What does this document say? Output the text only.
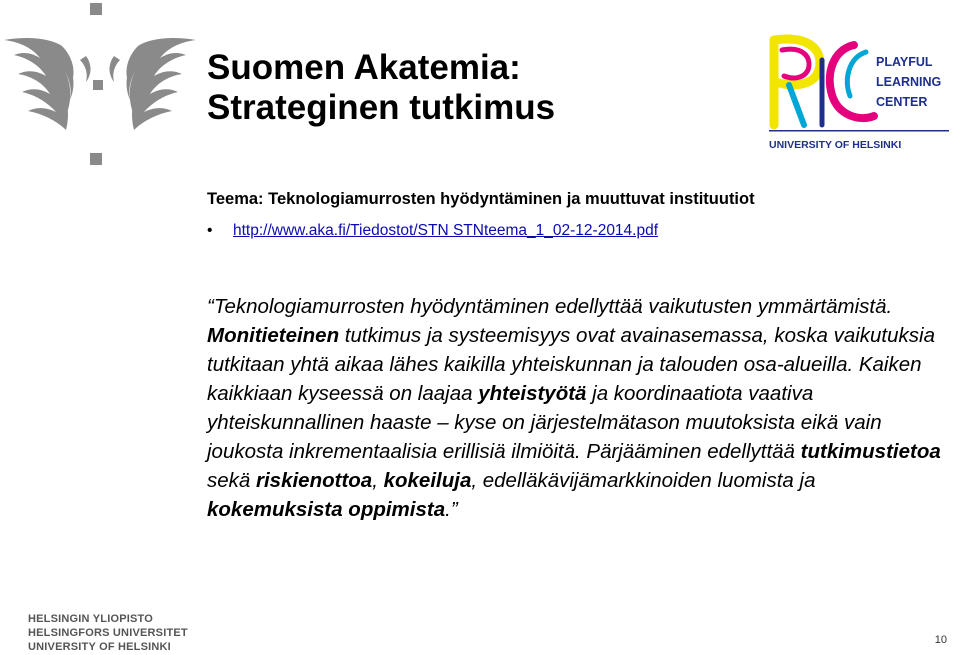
Suomen Akatemia:
Strateginen tutkimus
PLAYFUL
LEARNING
CENTER
UNIVERSITY OF HELSINKI
Teema: Teknologiamurrosten hyödyntäminen ja muuttuvat instituutiot
• http://www.aka.fi/Tiedostot/STN STNteema_1_02-12-2014.pdf
“Teknologiamurrosten hyödyntäminen edellyttää vaikutusten ymmärtämistä. Monitieteinen tutkimus ja systeemisyys ovat avainasemassa, koska vaikutuksia tutkitaan yhtä aikaa lähes kaikilla yhteiskunnan ja talouden osa-alueilla. Kaiken kaikkiaan kyseessä on laajaa yhteistyötä ja koordinaatiota vaativa yhteiskunnallinen haaste – kyse on järjestelmätason muutoksista eikä vain joukosta inkrementaalisia erillisiä ilmiöitä. Pärjääminen edellyttää tutkimustietoa sekä riskienottoa, kokeiluja, edelläkävijämarkkinoiden luomista ja kokemuksista oppimista.”
HELSINGIN YLIOPISTO
HELSINGFORS UNIVERSITET
UNIVERSITY OF HELSINKI
10
